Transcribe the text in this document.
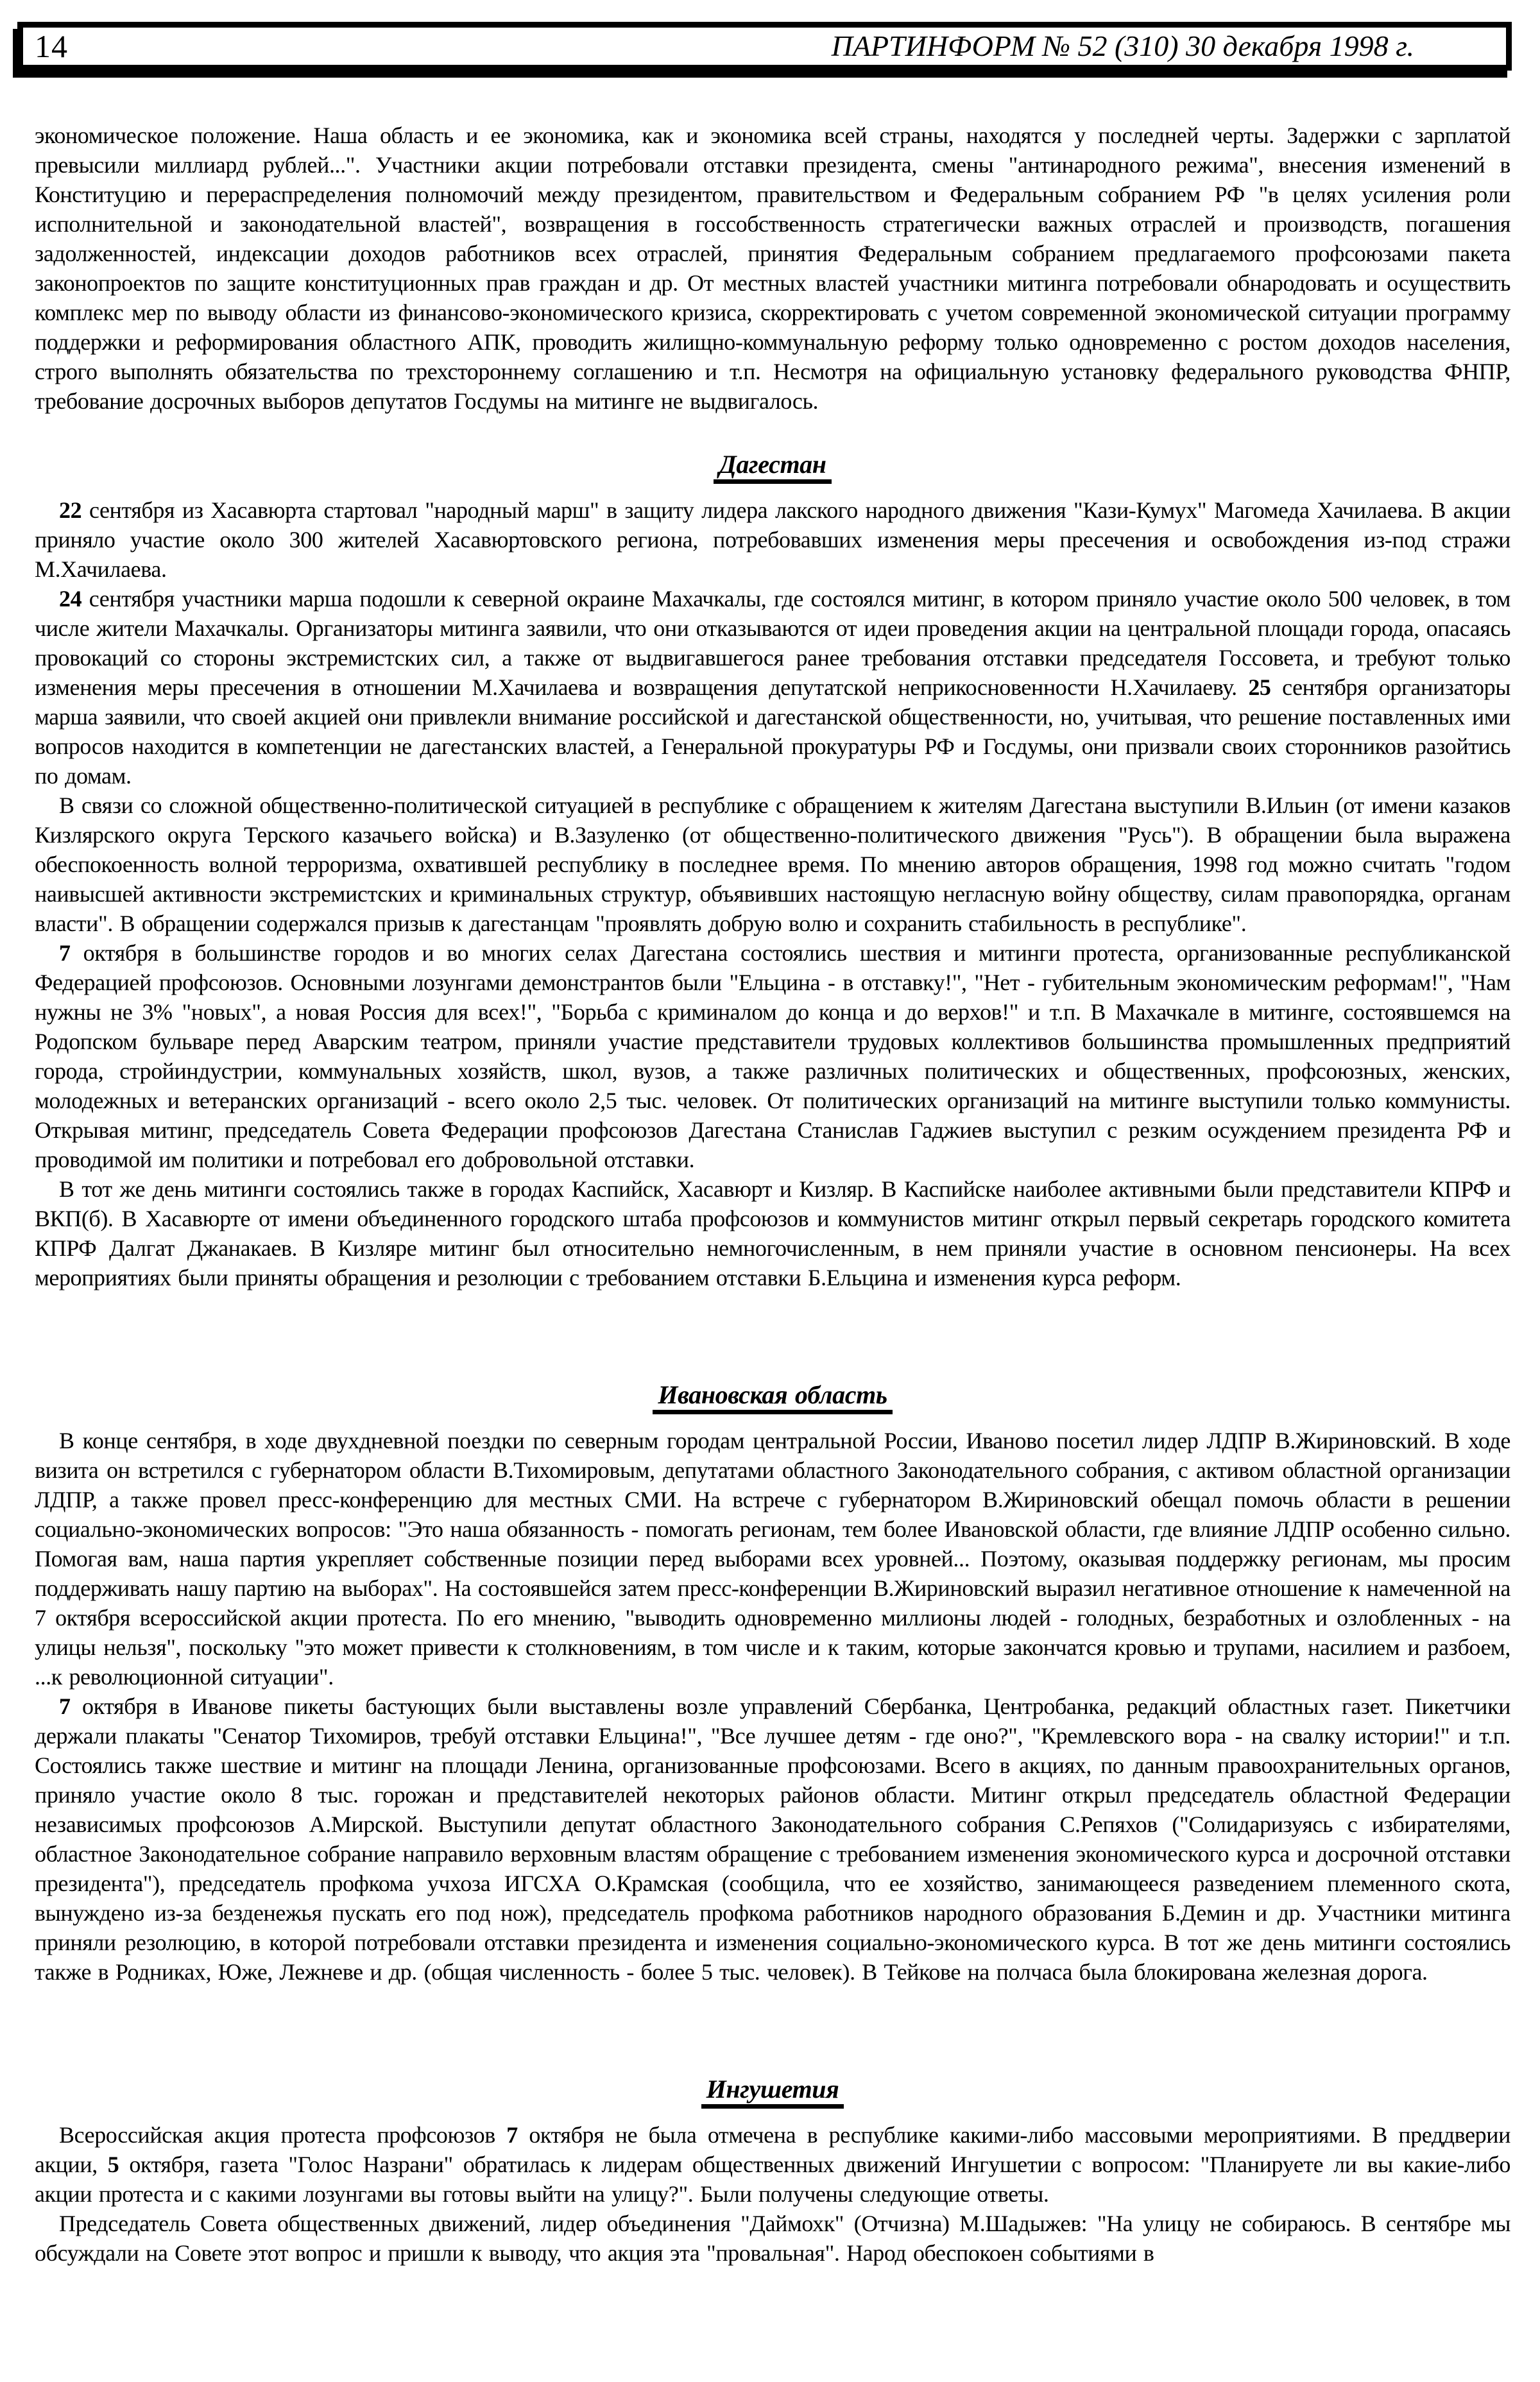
14	ПАРТИНФОРМ № 52 (310) 30 декабря 1998 г.

экономическое положение. Наша область и ее экономика, как и экономика всей страны, находятся у последней черты. Задержки с зарплатой превысили миллиард рублей...". Участники акции потребовали отставки президента, смены "антинародного режима", внесения изменений в Конституцию и перераспределения полномочий между президентом, правительством и Федеральным собранием РФ "в целях усиления роли исполнительной и законодательной властей", возвращения в госсобственность стратегически важных отраслей и производств, погашения задолженностей, индексации доходов работников всех отраслей, принятия Федеральным собранием предлагаемого профсоюзами пакета законопроектов по защите конституционных прав граждан и др. От местных властей участники митинга потребовали обнародовать и осуществить комплекс мер по выводу области из финансово-экономического кризиса, скорректировать с учетом современной экономической ситуации программу поддержки и реформирования областного АПК, проводить жилищно-коммунальную реформу только одновременно с ростом доходов населения, строго выполнять обязательства по трехстороннему соглашению и т.п. Несмотря на официальную установку федерального руководства ФНПР, требование досрочных выборов депутатов Госдумы на митинге не выдвигалось.

Дагестан

22 сентября из Хасавюрта стартовал "народный марш" в защиту лидера лакского народного движения "Кази-Кумух" Магомеда Хачилаева. В акции приняло участие около 300 жителей Хасавюртовского региона, потребовавших изменения меры пресечения и освобождения из-под стражи М.Хачилаева.

24 сентября участники марша подошли к северной окраине Махачкалы, где состоялся митинг, в котором приняло участие около 500 человек, в том числе жители Махачкалы. Организаторы митинга заявили, что они отказываются от идеи проведения акции на центральной площади города, опасаясь провокаций со стороны экстремистских сил, а также от выдвигавшегося ранее требования отставки председателя Госсовета, и требуют только изменения меры пресечения в отношении М.Хачилаева и возвращения депутатской неприкосновенности Н.Хачилаеву. 25 сентября организаторы марша заявили, что своей акцией они привлекли внимание российской и дагестанской общественности, но, учитывая, что решение поставленных ими вопросов находится в компетенции не дагестанских властей, а Генеральной прокуратуры РФ и Госдумы, они призвали своих сторонников разойтись по домам.

В связи со сложной общественно-политической ситуацией в республике с обращением к жителям Дагестана выступили В.Ильин (от имени казаков Кизлярского округа Терского казачьего войска) и В.Зазуленко (от общественно-политического движения "Русь"). В обращении была выражена обеспокоенность волной терроризма, охватившей республику в последнее время. По мнению авторов обращения, 1998 год можно считать "годом наивысшей активности экстремистских и криминальных структур, объявивших настоящую негласную войну обществу, силам правопорядка, органам власти". В обращении содержался призыв к дагестанцам "проявлять добрую волю и сохранить стабильность в республике".

7 октября в большинстве городов и во многих селах Дагестана состоялись шествия и митинги протеста, организованные республиканской Федерацией профсоюзов. Основными лозунгами демонстрантов были "Ельцина - в отставку!", "Нет - губительным экономическим реформам!", "Нам нужны не 3% "новых", а новая Россия для всех!", "Борьба с криминалом до конца и до верхов!" и т.п. В Махачкале в митинге, состоявшемся на Родопском бульваре перед Аварским театром, приняли участие представители трудовых коллективов большинства промышленных предприятий города, стройиндустрии, коммунальных хозяйств, школ, вузов, а также различных политических и общественных, профсоюзных, женских, молодежных и ветеранских организаций - всего около 2,5 тыс. человек. От политических организаций на митинге выступили только коммунисты. Открывая митинг, председатель Совета Федерации профсоюзов Дагестана Станислав Гаджиев выступил с резким осуждением президента РФ и проводимой им политики и потребовал его добровольной отставки.

В тот же день митинги состоялись также в городах Каспийск, Хасавюрт и Кизляр. В Каспийске наиболее активными были представители КПРФ и ВКП(б). В Хасавюрте от имени объединенного городского штаба профсоюзов и коммунистов митинг открыл первый секретарь городского комитета КПРФ Далгат Джанакаев. В Кизляре митинг был относительно немногочисленным, в нем приняли участие в основном пенсионеры. На всех мероприятиях были приняты обращения и резолюции с требованием отставки Б.Ельцина и изменения курса реформ.

Ивановская область

В конце сентября, в ходе двухдневной поездки по северным городам центральной России, Иваново посетил лидер ЛДПР В.Жириновский. В ходе визита он встретился с губернатором области В.Тихомировым, депутатами областного Законодательного собрания, с активом областной организации ЛДПР, а также провел пресс-конференцию для местных СМИ. На встрече с губернатором В.Жириновский обещал помочь области в решении социально-экономических вопросов: "Это наша обязанность - помогать регионам, тем более Ивановской области, где влияние ЛДПР особенно сильно. Помогая вам, наша партия укрепляет собственные позиции перед выборами всех уровней... Поэтому, оказывая поддержку регионам, мы просим поддерживать нашу партию на выборах". На состоявшейся затем пресс-конференции В.Жириновский выразил негативное отношение к намеченной на 7 октября всероссийской акции протеста. По его мнению, "выводить одновременно миллионы людей - голодных, безработных и озлобленных - на улицы нельзя", поскольку "это может привести к столкновениям, в том числе и к таким, которые закончатся кровью и трупами, насилием и разбоем, ...к революционной ситуации".

7 октября в Иванове пикеты бастующих были выставлены возле управлений Сбербанка, Центробанка, редакций областных газет. Пикетчики держали плакаты "Сенатор Тихомиров, требуй отставки Ельцина!", "Все лучшее детям - где оно?", "Кремлевского вора - на свалку истории!" и т.п. Состоялись также шествие и митинг на площади Ленина, организованные профсоюзами. Всего в акциях, по данным правоохранительных органов, приняло участие около 8 тыс. горожан и представителей некоторых районов области. Митинг открыл председатель областной Федерации независимых профсоюзов А.Мирской. Выступили депутат областного Законодательного собрания С.Репяхов ("Солидаризуясь с избирателями, областное Законодательное собрание направило верховным властям обращение с требованием изменения экономического курса и досрочной отставки президента"), председатель профкома учхоза ИГСХА О.Крамская (сообщила, что ее хозяйство, занимающееся разведением племенного скота, вынуждено из-за безденежья пускать его под нож), председатель профкома работников народного образования Б.Демин и др. Участники митинга приняли резолюцию, в которой потребовали отставки президента и изменения социально-экономического курса. В тот же день митинги состоялись также в Родниках, Юже, Лежневе и др. (общая численность - более 5 тыс. человек). В Тейкове на полчаса была блокирована железная дорога.

Ингушетия

Всероссийская акция протеста профсоюзов 7 октября не была отмечена в республике какими-либо массовыми мероприятиями. В преддверии акции, 5 октября, газета "Голос Назрани" обратилась к лидерам общественных движений Ингушетии с вопросом: "Планируете ли вы какие-либо акции протеста и с какими лозунгами вы готовы выйти на улицу?". Были получены следующие ответы.

Председатель Совета общественных движений, лидер объединения "Даймохк" (Отчизна) М.Шадыжев: "На улицу не собираюсь. В сентябре мы обсуждали на Совете этот вопрос и пришли к выводу, что акция эта "провальная". Народ обеспокоен событиями в
